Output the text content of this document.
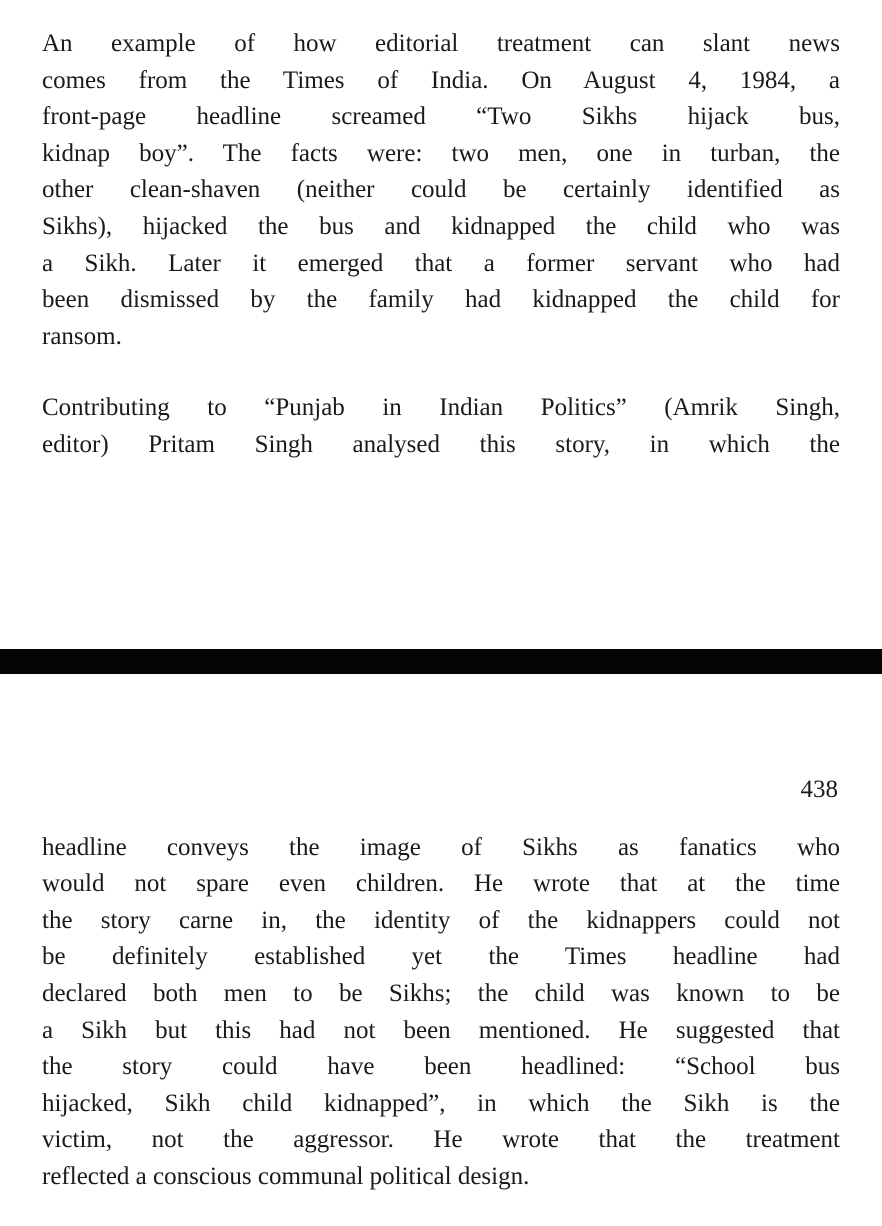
An example of how editorial treatment can slant news
comes from the Times of India. On August 4, 1984, a
front-page headline screamed “Two Sikhs hijack bus,
kidnap boy”. The facts were: two men, one in turban, the
other clean-shaven (neither could be certainly identified as
Sikhs), hijacked the bus and kidnapped the child who was
a Sikh. Later it emerged that a former servant who had
been dismissed by the family had kidnapped the child for
ransom.
Contributing to “Punjab in Indian Politics” (Amrik Singh,
editor) Pritam Singh analysed this story, in which the
438
headline conveys the image of Sikhs as fanatics who
would not spare even children. He wrote that at the time
the story carne in, the identity of the kidnappers could not
be definitely established yet the Times headline had
declared both men to be Sikhs; the child was known to be
a Sikh but this had not been mentioned. He suggested that
the story could have been headlined: “School bus
hijacked, Sikh child kidnapped”, in which the Sikh is the
victim, not the aggressor. He wrote that the treatment
reflected a conscious communal political design.
